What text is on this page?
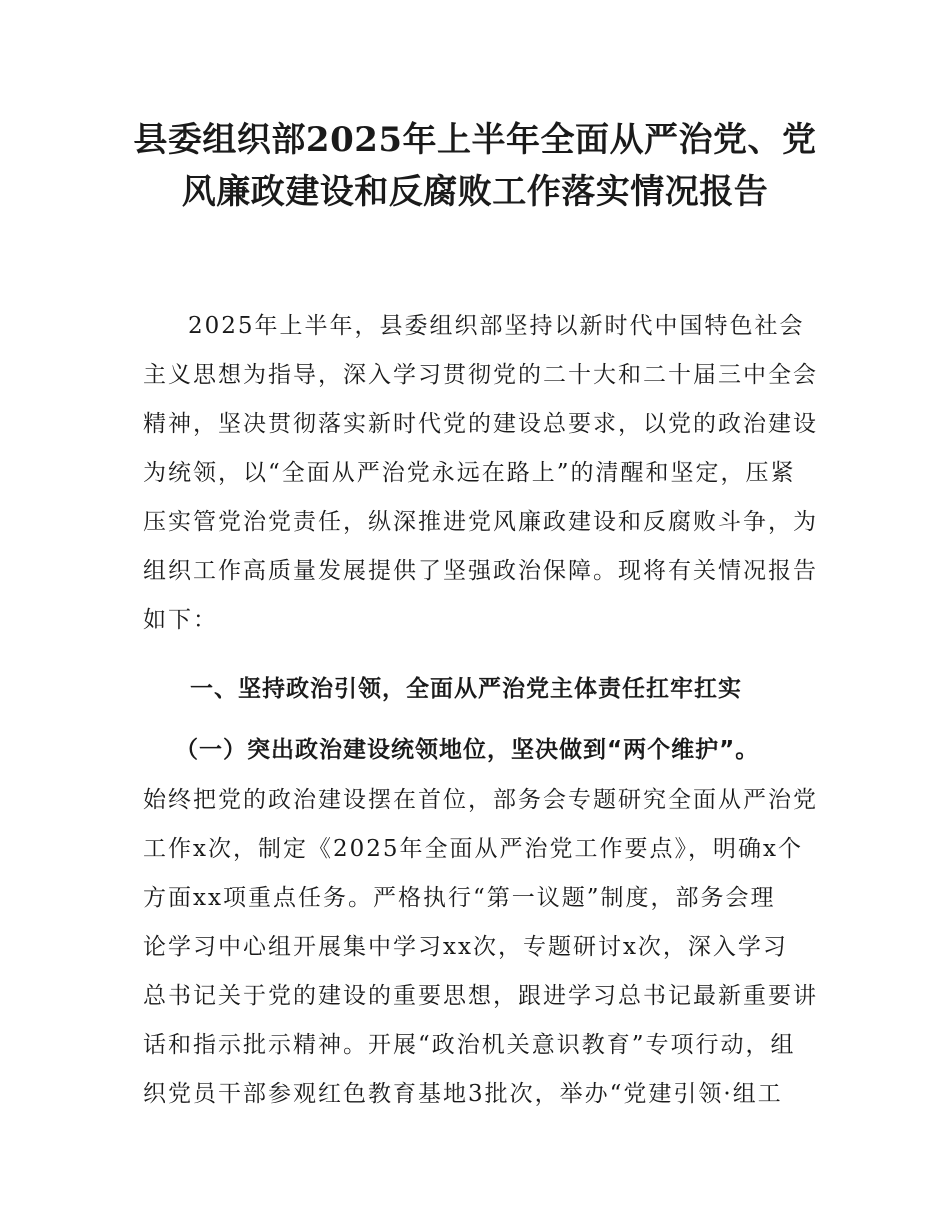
县委组织部2025年上半年全面从严治党、党
风廉政建设和反腐败工作落实情况报告
2025年上半年，县委组织部坚持以新时代中国特色社会
主义思想为指导，深入学习贯彻党的二十大和二十届三中全会
精神，坚决贯彻落实新时代党的建设总要求，以党的政治建设
为统领，以“全面从严治党永远在路上”的清醒和坚定，压紧
压实管党治党责任，纵深推进党风廉政建设和反腐败斗争，为
组织工作高质量发展提供了坚强政治保障。现将有关情况报告
如下：
一、坚持政治引领，全面从严治党主体责任扛牢扛实
（一）突出政治建设统领地位，坚决做到“两个维护”。
始终把党的政治建设摆在首位，部务会专题研究全面从严治党
工作x次，制定《2025年全面从严治党工作要点》，明确x个
方面xx项重点任务。严格执行“第一议题”制度，部务会理
论学习中心组开展集中学习xx次，专题研讨x次，深入学习
总书记关于党的建设的重要思想，跟进学习总书记最新重要讲
话和指示批示精神。开展“政治机关意识教育”专项行动，组
织党员干部参观红色教育基地3批次，举办“党建引领·组工
